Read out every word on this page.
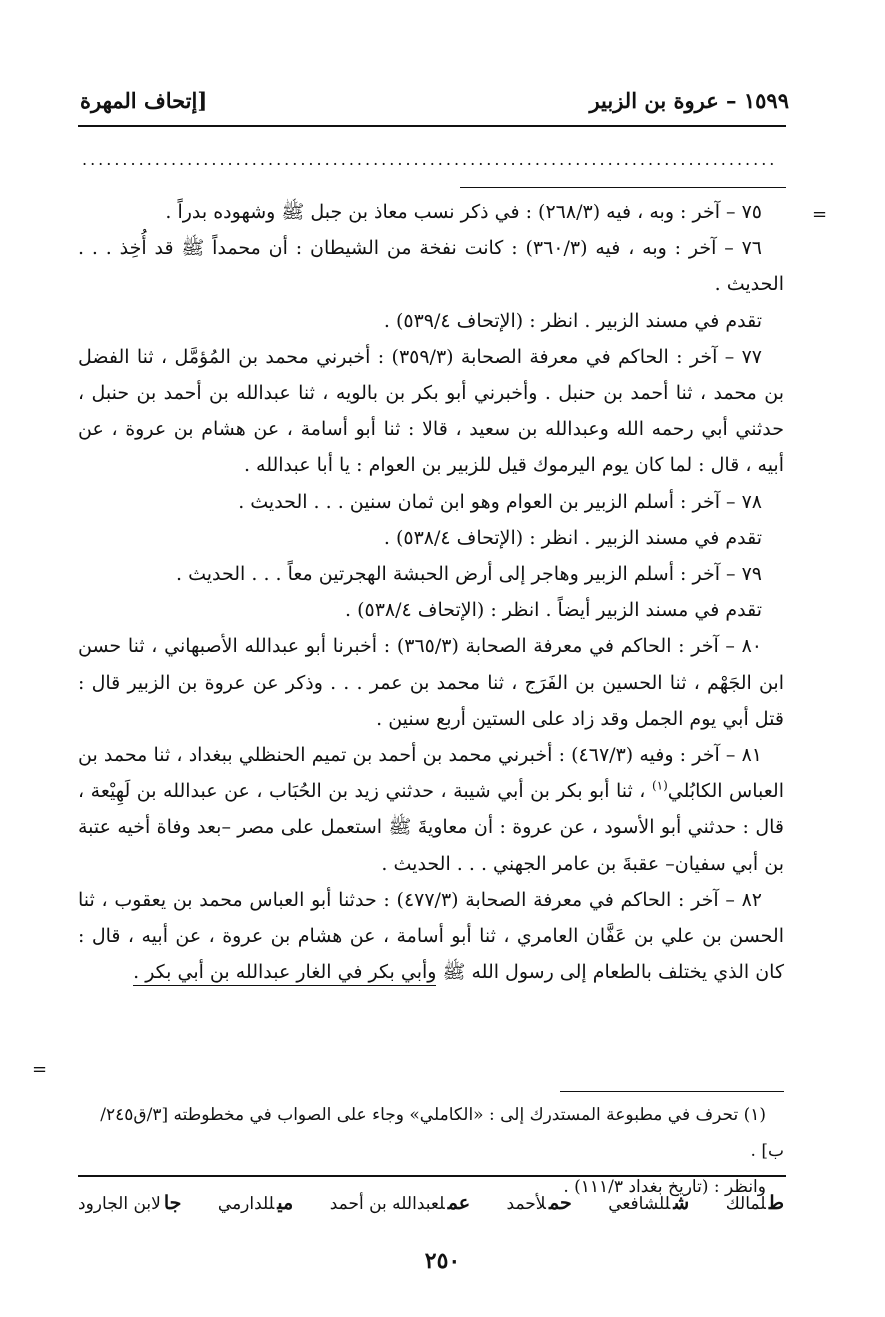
١٥٩٩ – عروة بن الزبير
[إتحاف المهرة
......................................................................................
=
=

٧٥ – آخر : وبه ، فيه (٢٦٨/٣) : في ذكر نسب معاذ بن جبل ﷺ وشهوده بدراً .

٧٦ – آخر : وبه ، فيه (٣٦٠/٣) : كانت نفخة من الشيطان : أن محمداً ﷺ قد أُخِذ . . . الحديث .

تقدم في مسند الزبير . انظر : (الإتحاف ٥٣٩/٤) .

٧٧ – آخر : الحاكم في معرفة الصحابة (٣٥٩/٣) : أخبرني محمد بن المُؤمَّل ، ثنا الفضل بن محمد ، ثنا أحمد بن حنبل . وأخبرني أبو بكر بن بالويه ، ثنا عبدالله بن أحمد بن حنبل ، حدثني أبي رحمه الله وعبدالله بن سعيد ، قالا : ثنا أبو أسامة ، عن هشام بن عروة ، عن أبيه ، قال : لما كان يوم اليرموك قيل للزبير بن العوام : يا أبا عبدالله .

٧٨ – آخر : أسلم الزبير بن العوام وهو ابن ثمان سنين . . . الحديث .

تقدم في مسند الزبير . انظر : (الإتحاف ٥٣٨/٤) .

٧٩ – آخر : أسلم الزبير وهاجر إلى أرض الحبشة الهجرتين معاً . . . الحديث .

تقدم في مسند الزبير أيضاً . انظر : (الإتحاف ٥٣٨/٤) .

٨٠ – آخر : الحاكم في معرفة الصحابة (٣٦٥/٣) : أخبرنا أبو عبدالله الأصبهاني ، ثنا حسن ابن الجَهْم ، ثنا الحسين بن الفَرَج ، ثنا محمد بن عمر . . . وذكر عن عروة بن الزبير قال : قتل أبي يوم الجمل وقد زاد على الستين أربع سنين .

٨١ – آخر : وفيه (٤٦٧/٣) : أخبرني محمد بن أحمد بن تميم الحنظلي ببغداد ، ثنا محمد بن العباس الكابُلي$^{(١)}$ ، ثنا أبو بكر بن أبي شيبة ، حدثني زيد بن الحُبَاب ، عن عبدالله بن لَهِيْعة ، قال : حدثني أبو الأسود ، عن عروة : أن معاويةَ ﷺ استعمل على مصر –بعد وفاة أخيه عتبة بن أبي سفيان– عقبةَ بن عامر الجهني . . . الحديث .

٨٢ – آخر : الحاكم في معرفة الصحابة (٤٧٧/٣) : حدثنا أبو العباس محمد بن يعقوب ، ثنا الحسن بن علي بن عَفَّان العامري ، ثنا أبو أسامة ، عن هشام بن عروة ، عن أبيه ، قال : كان الذي يختلف بالطعام إلى رسول الله ﷺ وأبي بكر في الغار عبدالله بن أبي بكر .

(١) تحرف في مطبوعة المستدرك إلى : «الكاملي» وجاء على الصواب في مخطوطته [٣/ق٢٤٥/ب] .

وانظر : (تاريخ بغداد ١١١/٣) .

طلمالك
شللشافعي
حملأحمد
عملعبدالله بن أحمد
ميللدارمي
جالابن الجارود
٢٥٠
